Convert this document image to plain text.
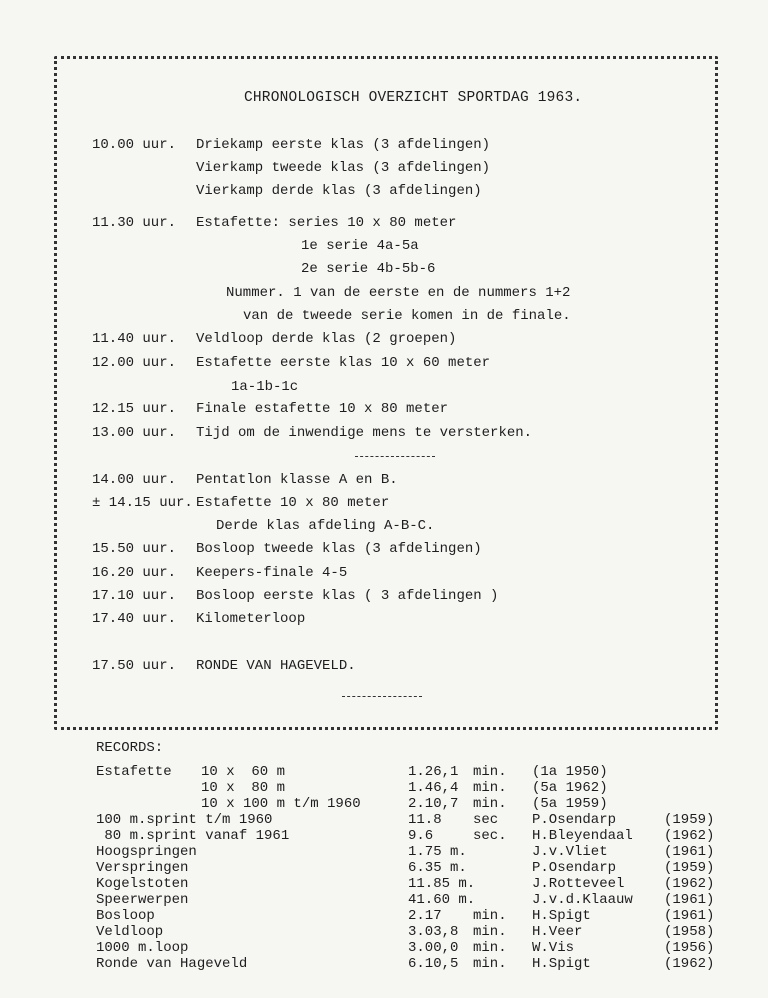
CHRONOLOGISCH OVERZICHT SPORTDAG 1963.
10.00 uur. Driekamp eerste klas (3 afdelingen)
Vierkamp tweede klas (3 afdelingen)
Vierkamp derde klas (3 afdelingen)
11.30 uur. Estafette: series 10 x 80 meter
1e serie 4a-5a
2e serie 4b-5b-6
Nummer. 1 van de eerste en de nummers 1+2
van de tweede serie komen in de finale.
11.40 uur. Veldloop derde klas (2 groepen)
12.00 uur. Estafette eerste klas 10 x 60 meter
1a-1b-1c
12.15 uur. Finale estafette 10 x 80 meter
13.00 uur. Tijd om de inwendige mens te versterken.
14.00 uur. Pentatlon klasse A en B.
± 14.15 uur. Estafette 10 x 80 meter
Derde klas afdeling A-B-C.
15.50 uur. Bosloop tweede klas (3 afdelingen)
16.20 uur. Keepers-finale 4-5
17.10 uur. Bosloop eerste klas ( 3 afdelingen )
17.40 uur. Kilometerloop
17.50 uur. RONDE VAN HAGEVELD.
RECORDS:
Estafette 10 x  60 m	1.26,1 min. (1a 1950)
10 x  80 m	1.46,4 min. (5a 1962)
10 x 100 m t/m 1960	2.10,7 min. (5a 1959)
100 m.sprint t/m 1960	11.8 sec P.Osendarp	(1959)
80 m.sprint vanaf 1961	9.6	sec. H.Bleyendaal (1962)
Hoogspringen	1.75 m.	J.v.Vliet	(1961)
Verspringen	6.35 m.	P.Osendarp	(1959)
Kogelstoten	11.85 m.	J.Rotteveel	(1962)
Speerwerpen	41.60 m.	J.v.d.Klaauw (1961)
Bosloop	2.17 min. H.Spigt	(1961)
Veldloop	3.03,8 min. H.Veer	(1958)
1000 m.loop	3.00,0 min. W.Vis	(1956)
Ronde van Hageveld	6.10,5 min. H.Spigt	(1962)
